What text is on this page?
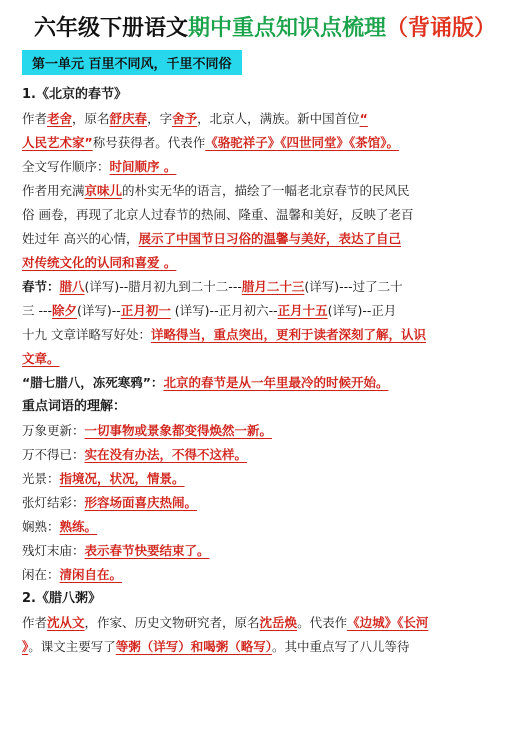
六年级下册语文期中重点知识点梳理（背诵版）
第一单元 百里不同风，千里不同俗
1.《北京的春节》
作者老舍，原名舒庆春，字舍予，北京人，满族。新中国首位“
人民艺术家”称号获得者。代表作《骆驼祥子》《四世同堂》《茶馆》。
全文写作顺序：时间顺序 。
作者用充满京味儿的朴实无华的语言，描绘了一幅老北京春节的民风民
俗 画卷，再现了北京人过春节的热闹、隆重、温馨和美好，反映了老百
姓过年 高兴的心情，展示了中国节日习俗的温馨与美好，表达了自己
对传统文化的认同和喜爱 。
春节：腊八(详写)--腊月初九到二十二---腊月二十三(详写)---过了二十
三 ---除夕(详写)--正月初一 (详写)--正月初六--正月十五(详写)--正月
十九 文章详略写好处：详略得当，重点突出，更利于读者深刻了解，认识
文章。
“腊七腊八，冻死寒鸦”：北京的春节是从一年里最冷的时候开始。
重点词语的理解：
万象更新：一切事物或景象都变得焕然一新。
万不得已：实在没有办法，不得不这样。
光景：指境况，状况，情景。
张灯结彩：形容场面喜庆热闹。
娴熟：熟练。
残灯末庙：表示春节快要结束了。
闲在：清闲自在。
2.《腊八粥》
作者沈从文，作家、历史文物研究者，原名沈岳焕。代表作《边城》《长河
》。课文主要写了等粥（详写）和喝粥（略写）。其中重点写了八儿等待
